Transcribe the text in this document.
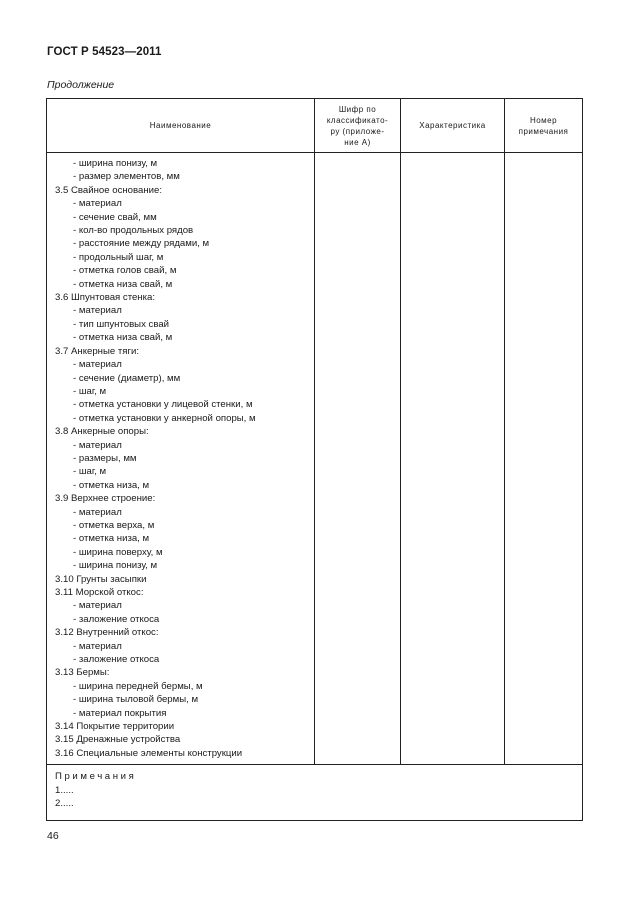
ГОСТ Р 54523—2011
Продолжение
Наименование
Шифр по
классификато-
ру (приложе-
ние А)
Характеристика
Номер
примечания
- ширина понизу, м
- размер элементов, мм
3.5 Свайное основание:
- материал
- сечение свай, мм
- кол-во продольных рядов
- расстояние между рядами, м
- продольный шаг, м
- отметка голов свай, м
- отметка низа свай, м
3.6 Шпунтовая стенка:
- материал
- тип шпунтовых свай
- отметка низа свай, м
3.7 Анкерные тяги:
- материал
- сечение (диаметр), мм
- шаг, м
- отметка установки у лицевой стенки, м
- отметка установки у анкерной опоры, м
3.8 Анкерные опоры:
- материал
- размеры, мм
- шаг, м
- отметка низа, м
3.9 Верхнее строение:
- материал
- отметка верха, м
- отметка низа, м
- ширина поверху, м
- ширина понизу, м
3.10 Грунты засыпки
3.11 Морской откос:
- материал
- заложение откоса
3.12 Внутренний откос:
- материал
- заложение откоса
3.13 Бермы:
- ширина передней бермы, м
- ширина тыловой бермы, м
- материал покрытия
3.14 Покрытие территории
3.15 Дренажные устройства
3.16 Специальные элементы конструкции
Примечания
1.....
2.....
46
